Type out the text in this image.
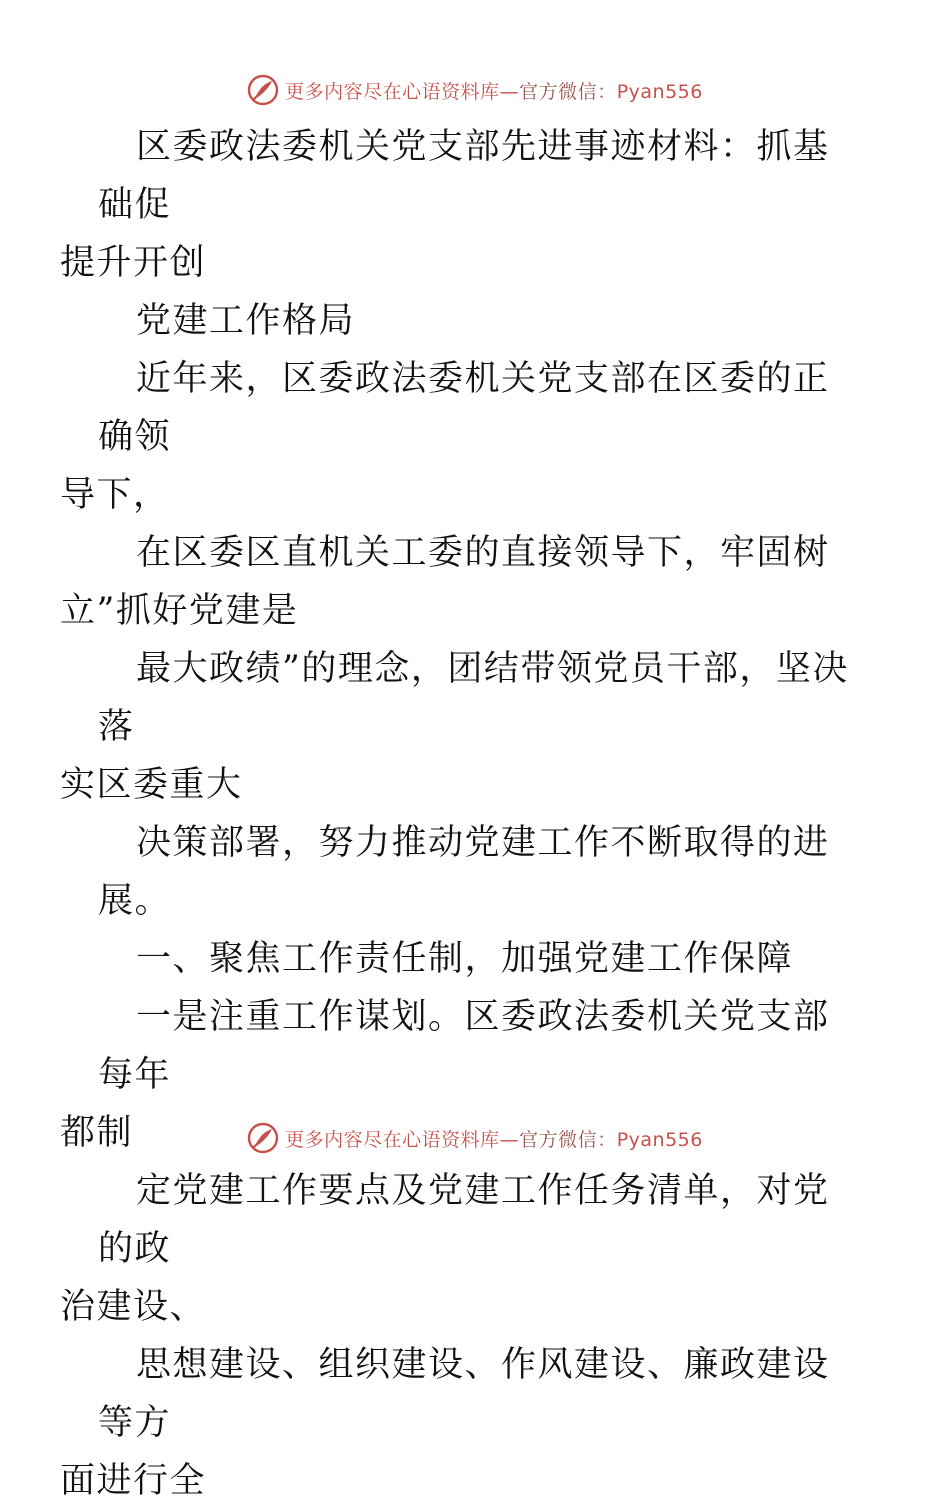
更多内容尽在心语资料库—官方微信：Pyan556

区委政法委机关党支部先进事迹材料：抓基础促
提升开创

党建工作格局

近年来，区委政法委机关党支部在区委的正确领
导下，

在区委区直机关工委的直接领导下，牢固树
立”抓好党建是

最大政绩”的理念，团结带领党员干部，坚决落
实区委重大

决策部署，努力推动党建工作不断取得的进展。

一、聚焦工作责任制，加强党建工作保障

一是注重工作谋划。区委政法委机关党支部每年
都制

定党建工作要点及党建工作任务清单，对党的政
治建设、

思想建设、组织建设、作风建设、廉政建设等方
面进行全

更多内容尽在心语资料库—官方微信：Pyan556
